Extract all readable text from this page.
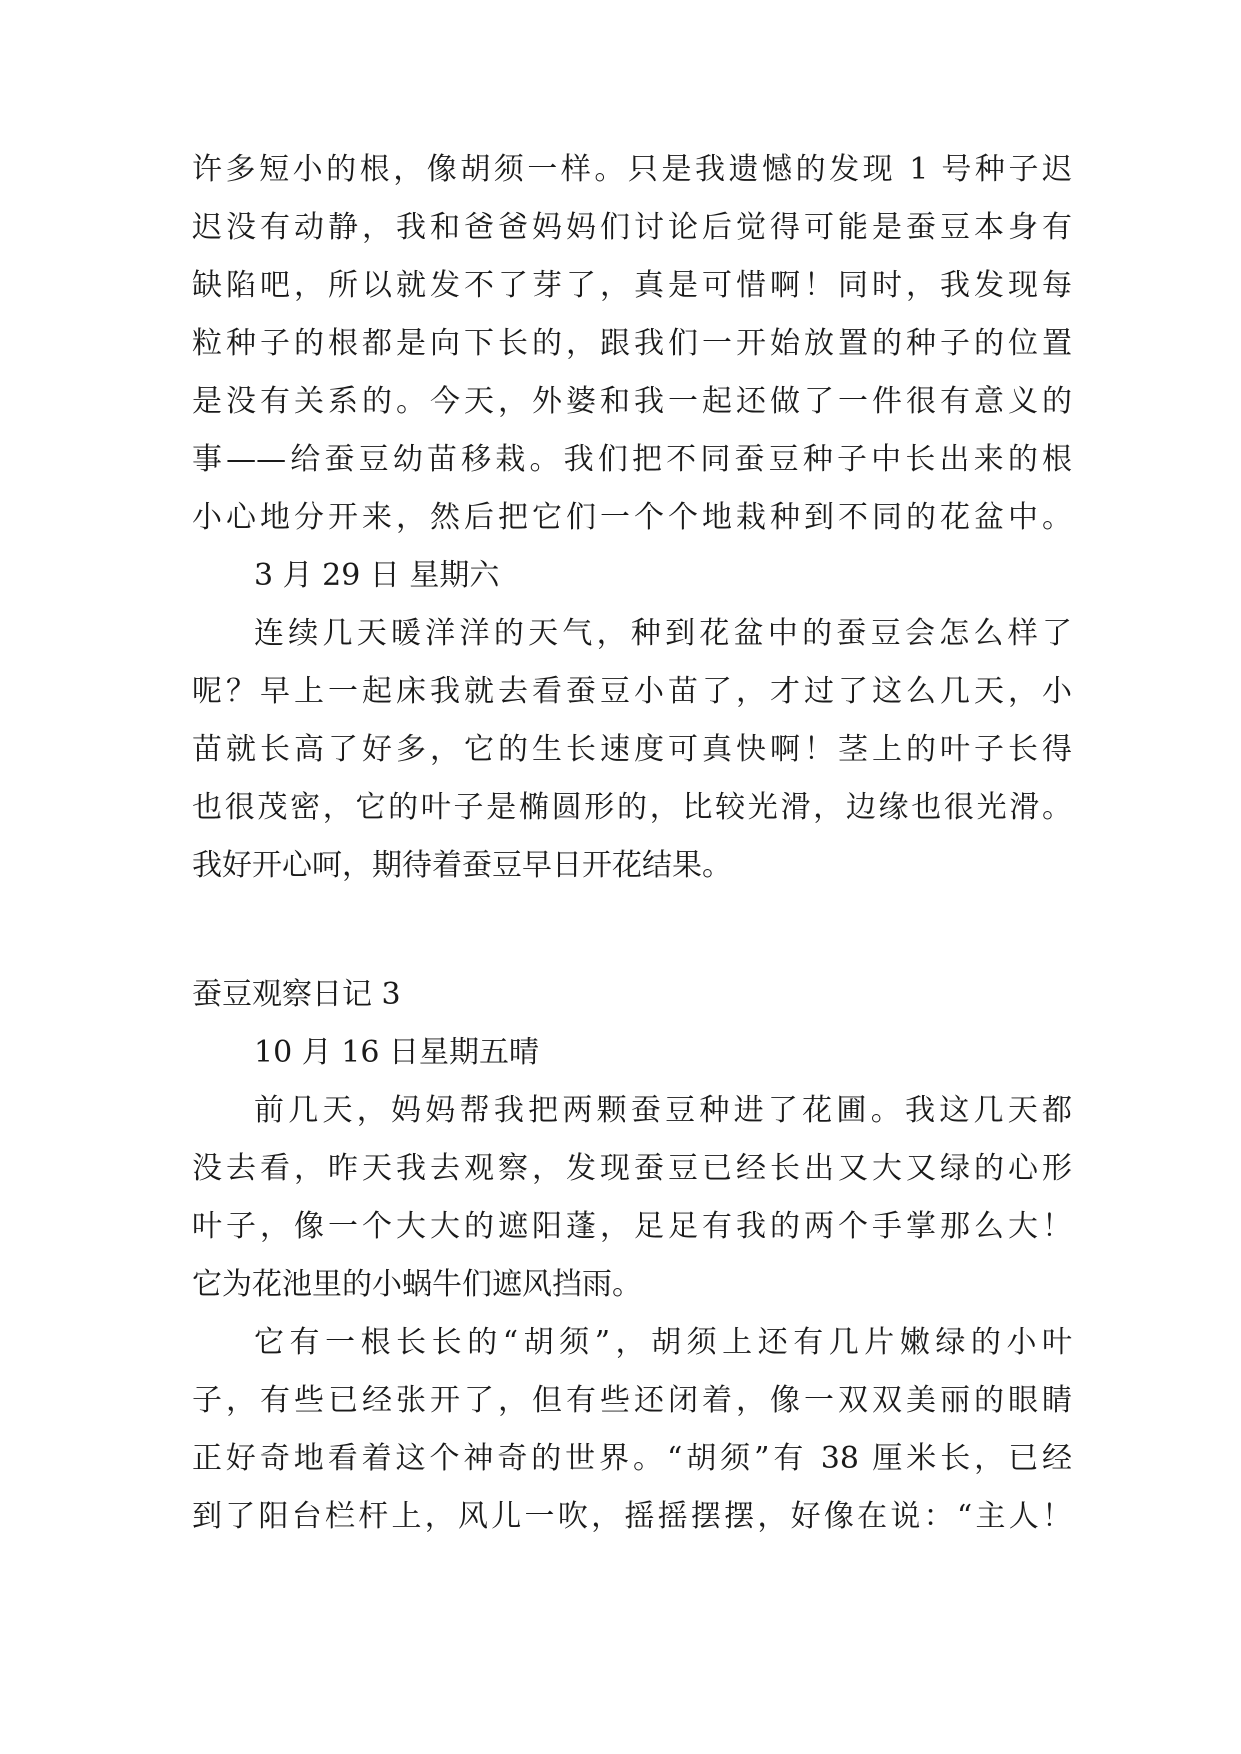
许多短小的根，像胡须一样。只是我遗憾的发现 1 号种子迟
迟没有动静，我和爸爸妈妈们讨论后觉得可能是蚕豆本身有
缺陷吧，所以就发不了芽了，真是可惜啊！同时，我发现每
粒种子的根都是向下长的，跟我们一开始放置的种子的位置
是没有关系的。今天，外婆和我一起还做了一件很有意义的
事——给蚕豆幼苗移栽。我们把不同蚕豆种子中长出来的根
小心地分开来，然后把它们一个个地栽种到不同的花盆中。
3 月 29 日 星期六
连续几天暖洋洋的天气，种到花盆中的蚕豆会怎么样了
呢？早上一起床我就去看蚕豆小苗了，才过了这么几天，小
苗就长高了好多，它的生长速度可真快啊！茎上的叶子长得
也很茂密，它的叶子是椭圆形的，比较光滑，边缘也很光滑。
我好开心呵，期待着蚕豆早日开花结果。
蚕豆观察日记 3
10 月 16 日星期五晴
前几天，妈妈帮我把两颗蚕豆种进了花圃。我这几天都
没去看，昨天我去观察，发现蚕豆已经长出又大又绿的心形
叶子，像一个大大的遮阳蓬，足足有我的两个手掌那么大！
它为花池里的小蜗牛们遮风挡雨。
它有一根长长的“胡须”，胡须上还有几片嫩绿的小叶
子，有些已经张开了，但有些还闭着，像一双双美丽的眼睛
正好奇地看着这个神奇的世界。“胡须”有 38 厘米长，已经
到了阳台栏杆上，风儿一吹，摇摇摆摆，好像在说：“主人！
